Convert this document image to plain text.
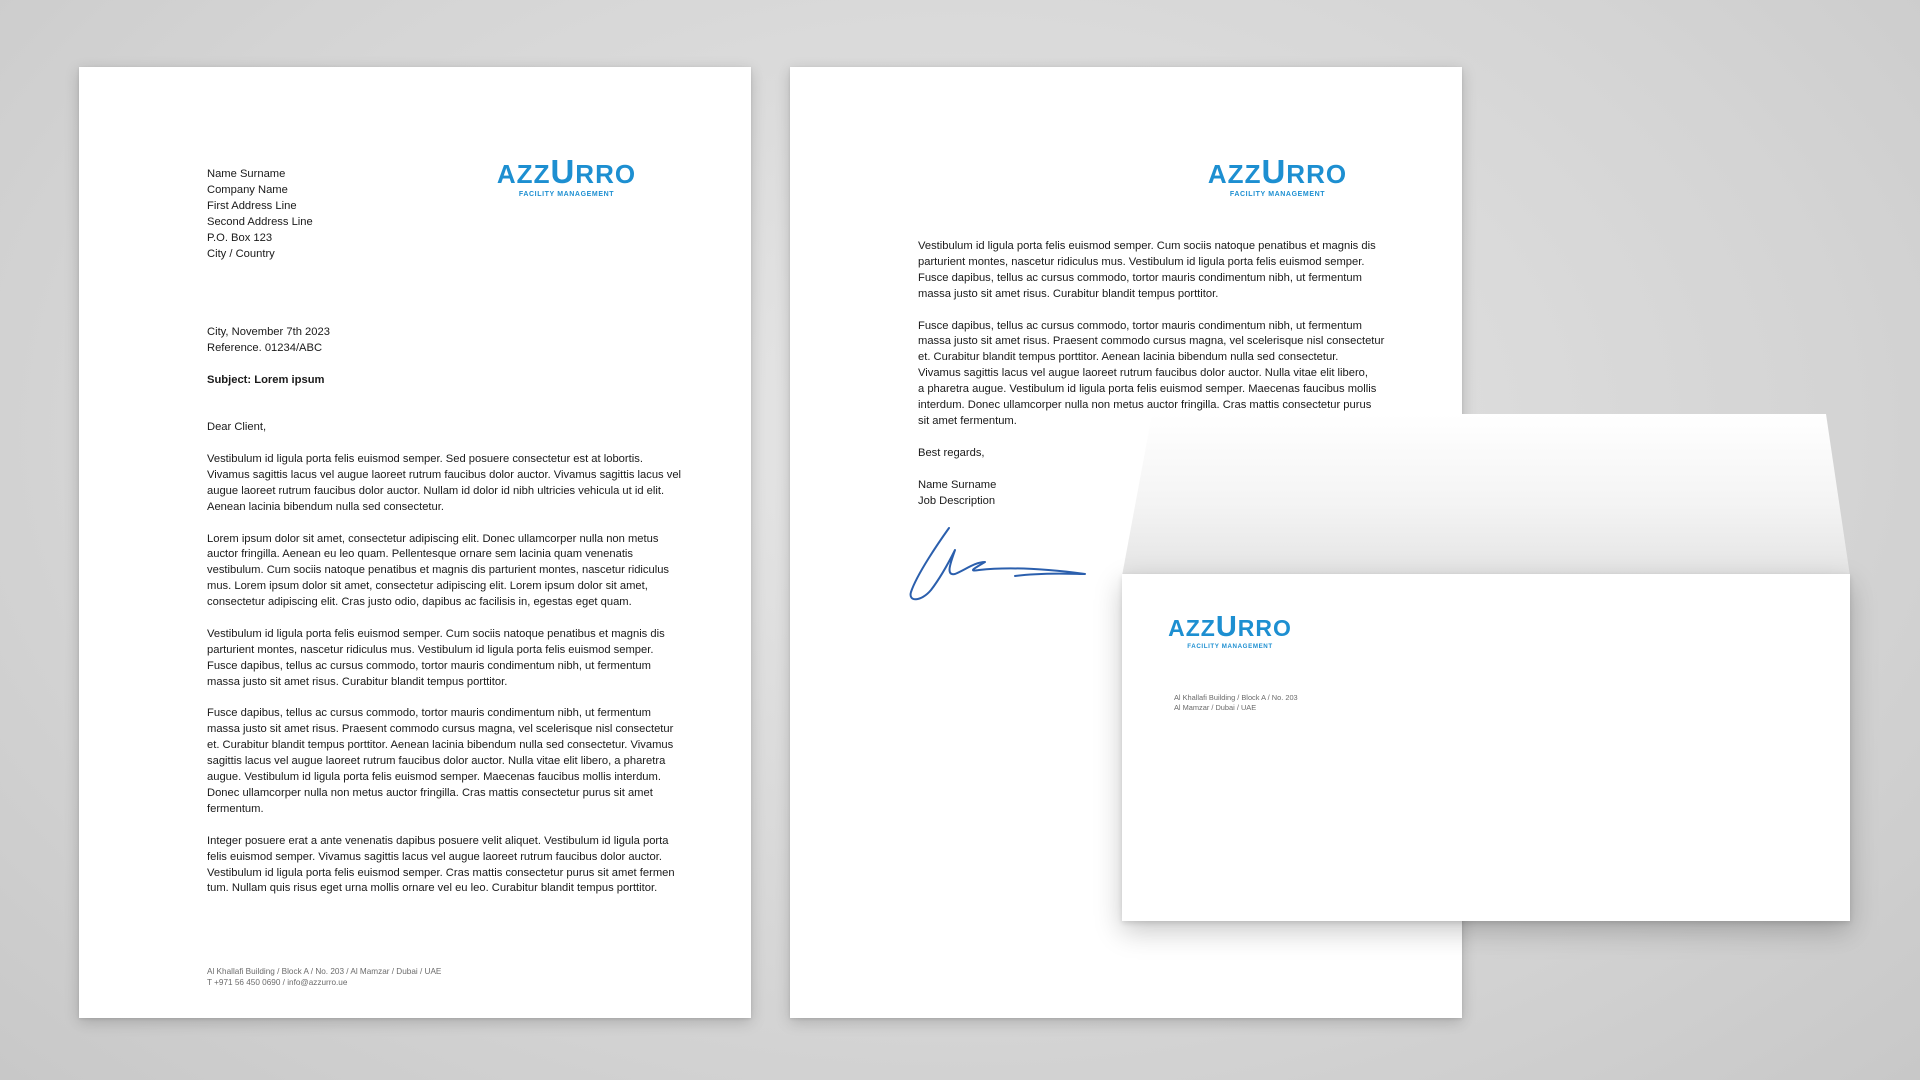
AZZURRO
FACILITY MANAGEMENT
Name Surname
Company Name
First Address Line
Second Address Line
P.O. Box 123
City / Country
City, November 7th 2023
Reference. 01234/ABC
Subject: Lorem ipsum
Dear Client,
Vestibulum id ligula porta felis euismod semper. Sed posuere consectetur est at lobortis.
Vivamus sagittis lacus vel augue laoreet rutrum faucibus dolor auctor. Vivamus sagittis lacus vel
augue laoreet rutrum faucibus dolor auctor. Nullam id dolor id nibh ultricies vehicula ut id elit.
Aenean lacinia bibendum nulla sed consectetur.
Lorem ipsum dolor sit amet, consectetur adipiscing elit. Donec ullamcorper nulla non metus
auctor fringilla. Aenean eu leo quam. Pellentesque ornare sem lacinia quam venenatis
vestibulum. Cum sociis natoque penatibus et magnis dis parturient montes, nascetur ridiculus
mus. Lorem ipsum dolor sit amet, consectetur adipiscing elit. Lorem ipsum dolor sit amet,
consectetur adipiscing elit. Cras justo odio, dapibus ac facilisis in, egestas eget quam.
Vestibulum id ligula porta felis euismod semper. Cum sociis natoque penatibus et magnis dis
parturient montes, nascetur ridiculus mus. Vestibulum id ligula porta felis euismod semper.
Fusce dapibus, tellus ac cursus commodo, tortor mauris condimentum nibh, ut fermentum
massa justo sit amet risus. Curabitur blandit tempus porttitor.
Fusce dapibus, tellus ac cursus commodo, tortor mauris condimentum nibh, ut fermentum
massa justo sit amet risus. Praesent commodo cursus magna, vel scelerisque nisl consectetur
et. Curabitur blandit tempus porttitor. Aenean lacinia bibendum nulla sed consectetur. Vivamus
sagittis lacus vel augue laoreet rutrum faucibus dolor auctor. Nulla vitae elit libero, a pharetra
augue. Vestibulum id ligula porta felis euismod semper. Maecenas faucibus mollis interdum.
Donec ullamcorper nulla non metus auctor fringilla. Cras mattis consectetur purus sit amet
fermentum.
Integer posuere erat a ante venenatis dapibus posuere velit aliquet. Vestibulum id ligula porta
felis euismod semper. Vivamus sagittis lacus vel augue laoreet rutrum faucibus dolor auctor.
Vestibulum id ligula porta felis euismod semper. Cras mattis consectetur purus sit amet fermen
tum. Nullam quis risus eget urna mollis ornare vel eu leo. Curabitur blandit tempus porttitor.
Al Khallafi Building / Block A / No. 203 / Al Mamzar / Dubai / UAE
T +971 56 450 0690 / info@azzurro.ue
AZZURRO
FACILITY MANAGEMENT
Vestibulum id ligula porta felis euismod semper. Cum sociis natoque penatibus et magnis dis
parturient montes, nascetur ridiculus mus. Vestibulum id ligula porta felis euismod semper.
Fusce dapibus, tellus ac cursus commodo, tortor mauris condimentum nibh, ut fermentum
massa justo sit amet risus. Curabitur blandit tempus porttitor.
Fusce dapibus, tellus ac cursus commodo, tortor mauris condimentum nibh, ut fermentum
massa justo sit amet risus. Praesent commodo cursus magna, vel scelerisque nisl consectetur
et. Curabitur blandit tempus porttitor. Aenean lacinia bibendum nulla sed consectetur.
Vivamus sagittis lacus vel augue laoreet rutrum faucibus dolor auctor. Nulla vitae elit libero,
a pharetra augue. Vestibulum id ligula porta felis euismod semper. Maecenas faucibus mollis
interdum. Donec ullamcorper nulla non metus auctor fringilla. Cras mattis consectetur purus
sit amet fermentum.
Best regards,
Name Surname
Job Description
AZZURRO
FACILITY MANAGEMENT
Al Khallafi Building / Block A / No. 203
Al Mamzar / Dubai / UAE
